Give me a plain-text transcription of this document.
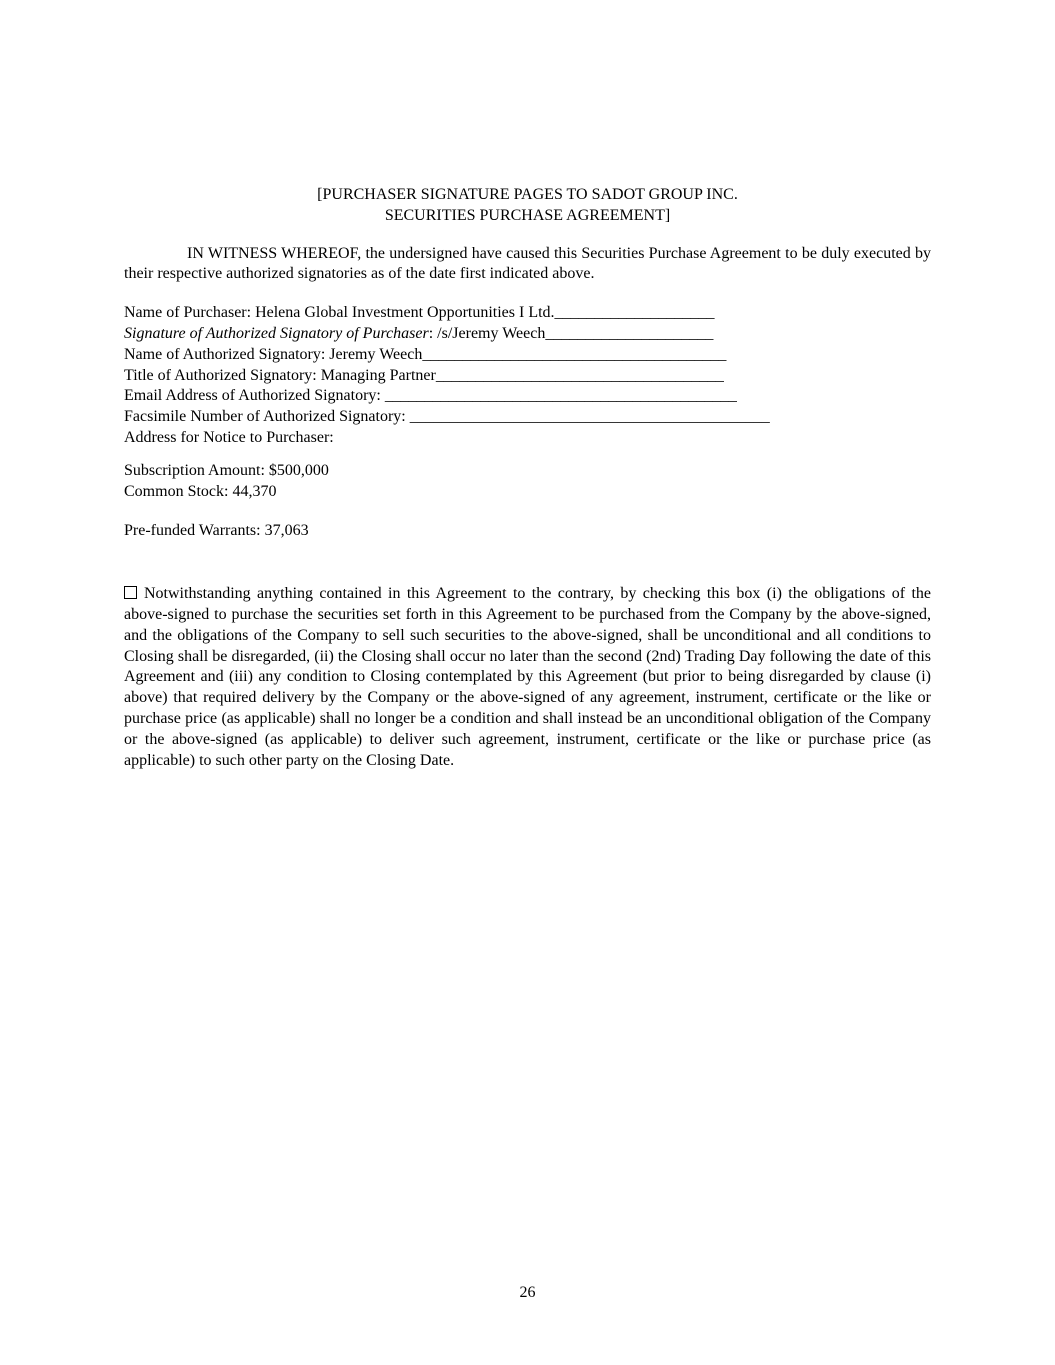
[PURCHASER SIGNATURE PAGES TO SADOT GROUP INC.
SECURITIES PURCHASE AGREEMENT]

IN WITNESS WHEREOF, the undersigned have caused this Securities Purchase Agreement to be duly executed by their respective authorized signatories as of the date first indicated above.

Name of Purchaser: Helena Global Investment Opportunities I Ltd.____________________
Signature of Authorized Signatory of Purchaser: /s/Jeremy Weech_____________________
Name of Authorized Signatory: Jeremy Weech______________________________________
Title of Authorized Signatory: Managing Partner____________________________________
Email Address of Authorized Signatory: ____________________________________________
Facsimile Number of Authorized Signatory: _____________________________________________
Address for Notice to Purchaser:
Subscription Amount: $500,000
Common Stock: 44,370
Pre-funded Warrants: 37,063

Notwithstanding anything contained in this Agreement to the contrary, by checking this box (i) the obligations of the above-signed to purchase the securities set forth in this Agreement to be purchased from the Company by the above-signed, and the obligations of the Company to sell such securities to the above-signed, shall be unconditional and all conditions to Closing shall be disregarded, (ii) the Closing shall occur no later than the second (2nd) Trading Day following the date of this Agreement and (iii) any condition to Closing contemplated by this Agreement (but prior to being disregarded by clause (i) above) that required delivery by the Company or the above-signed of any agreement, instrument, certificate or the like or purchase price (as applicable) shall no longer be a condition and shall instead be an unconditional obligation of the Company or the above-signed (as applicable) to deliver such agreement, instrument, certificate or the like or purchase price (as applicable) to such other party on the Closing Date.

26
